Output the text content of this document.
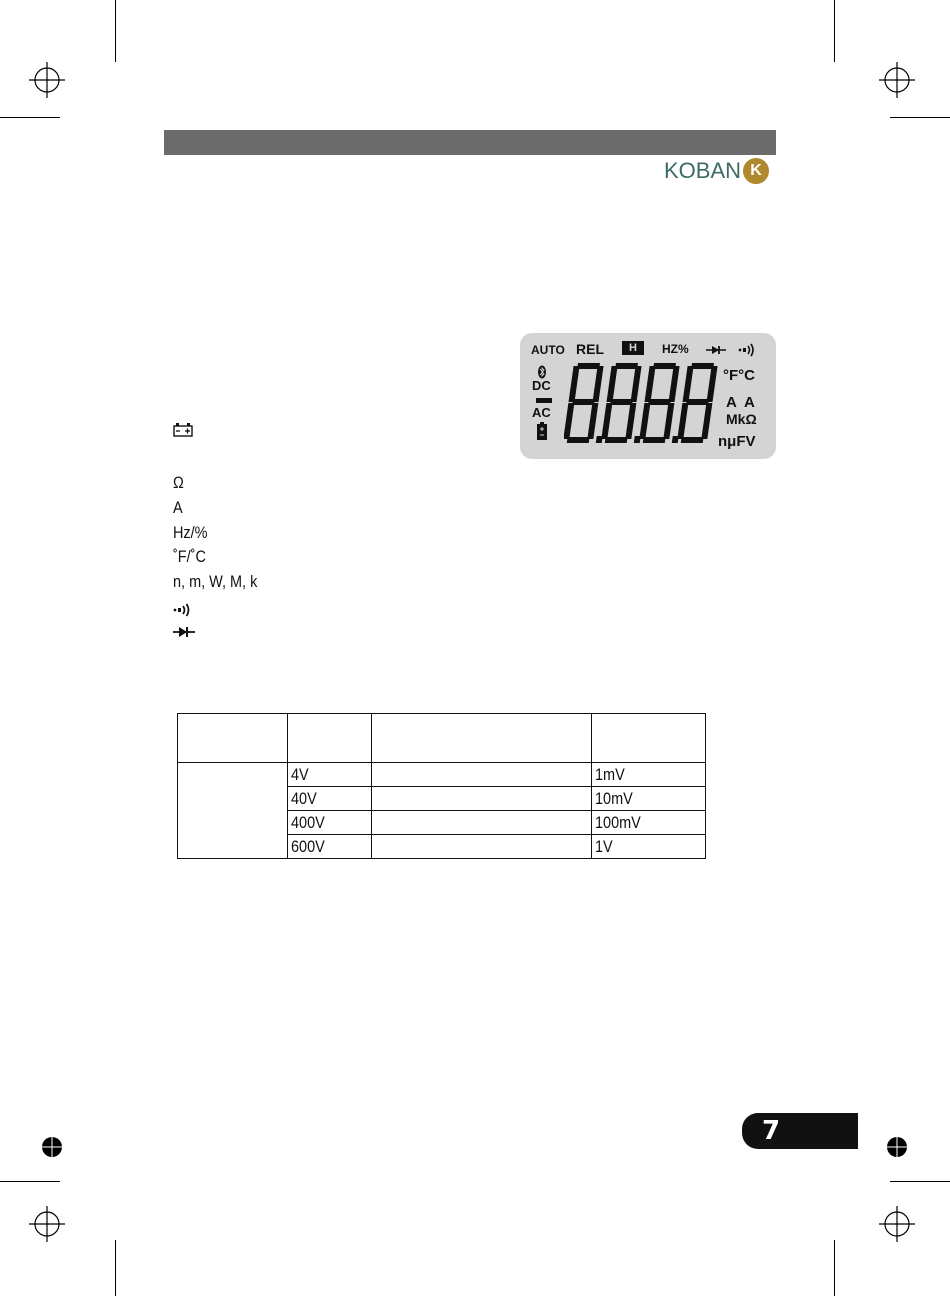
KOBAN K
AUTO REL	H	HZ%
DC
AC
°F°C
A  A
MkΩ
nμFV
Ω
A
Hz/%
˚F/˚C
n, m, W, M, k

	4V		1mV
	40V		10mV
	400V		100mV
	600V		1V
7
